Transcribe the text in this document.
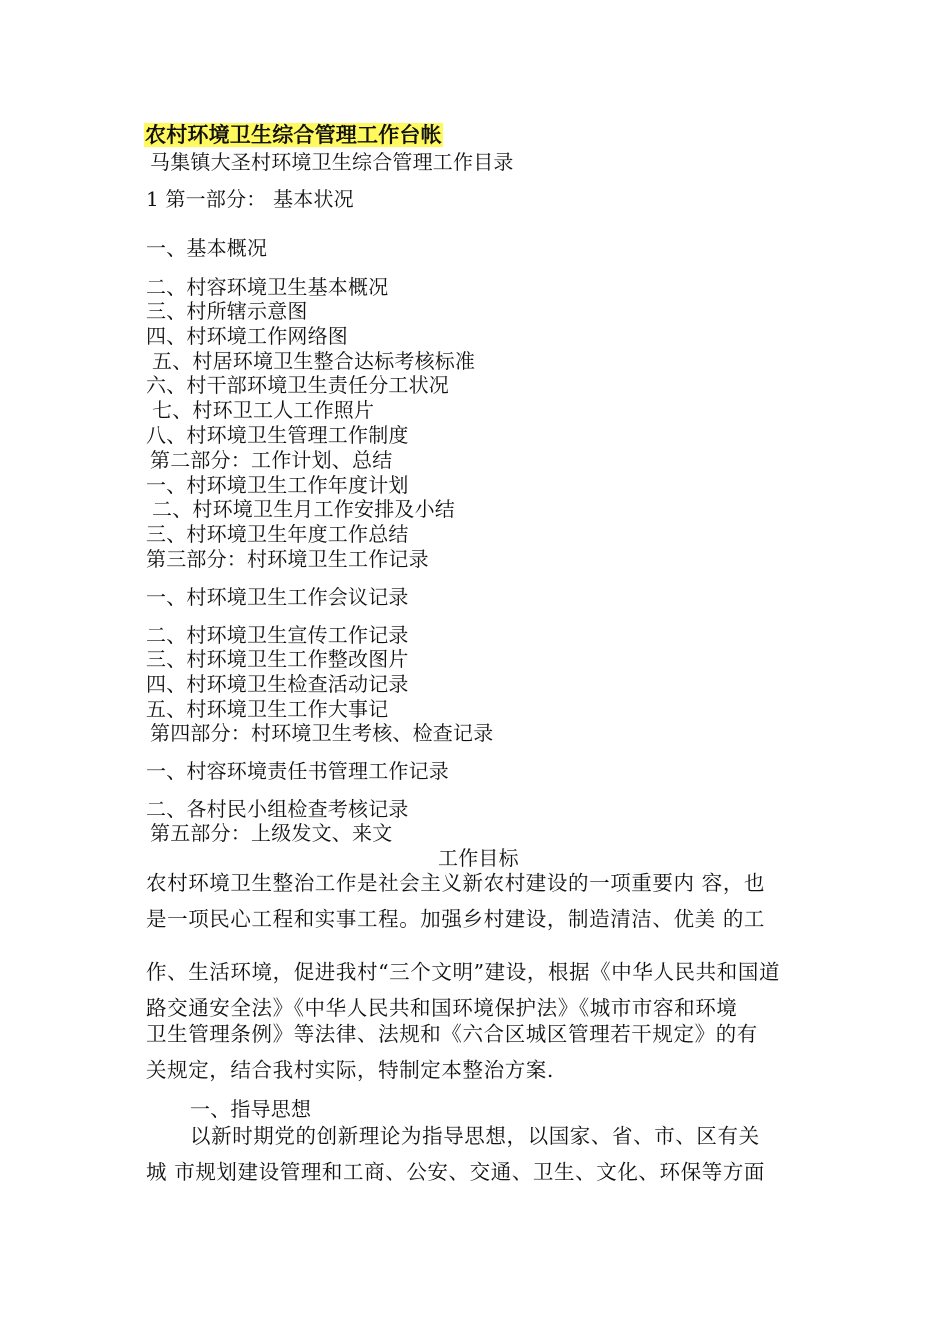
农村环境卫生综合管理工作台帐
马集镇大圣村环境卫生综合管理工作目录
1 第一部分： 基本状况
一、基本概况
二、村容环境卫生基本概况
三、村所辖示意图
四、村环境工作网络图
五、村居环境卫生整合达标考核标准
六、村干部环境卫生责任分工状况
七、村环卫工人工作照片
八、村环境卫生管理工作制度
第二部分：工作计划、总结
一、村环境卫生工作年度计划
二、村环境卫生月工作安排及小结
三、村环境卫生年度工作总结
第三部分：村环境卫生工作记录
一、村环境卫生工作会议记录
二、村环境卫生宣传工作记录
三、村环境卫生工作整改图片
四、村环境卫生检查活动记录
五、村环境卫生工作大事记
第四部分：村环境卫生考核、检查记录
一、村容环境责任书管理工作记录
二、各村民小组检查考核记录
第五部分：上级发文、来文
工作目标
农村环境卫生整治工作是社会主义新农村建设的一项重要内 容，也
是一项民心工程和实事工程。加强乡村建设，制造清洁、优美 的工
作、生活环境，促进我村“三个文明”建设，根据《中华人民共和国道
路交通安全法》《中华人民共和国环境保护法》《城市市容和环境
卫生管理条例》等法律、法规和《六合区城区管理若干规定》的有
关规定，结合我村实际，特制定本整治方案.
一、指导思想
以新时期党的创新理论为指导思想，以国家、省、市、区有关
城 市规划建设管理和工商、公安、交通、卫生、文化、环保等方面
